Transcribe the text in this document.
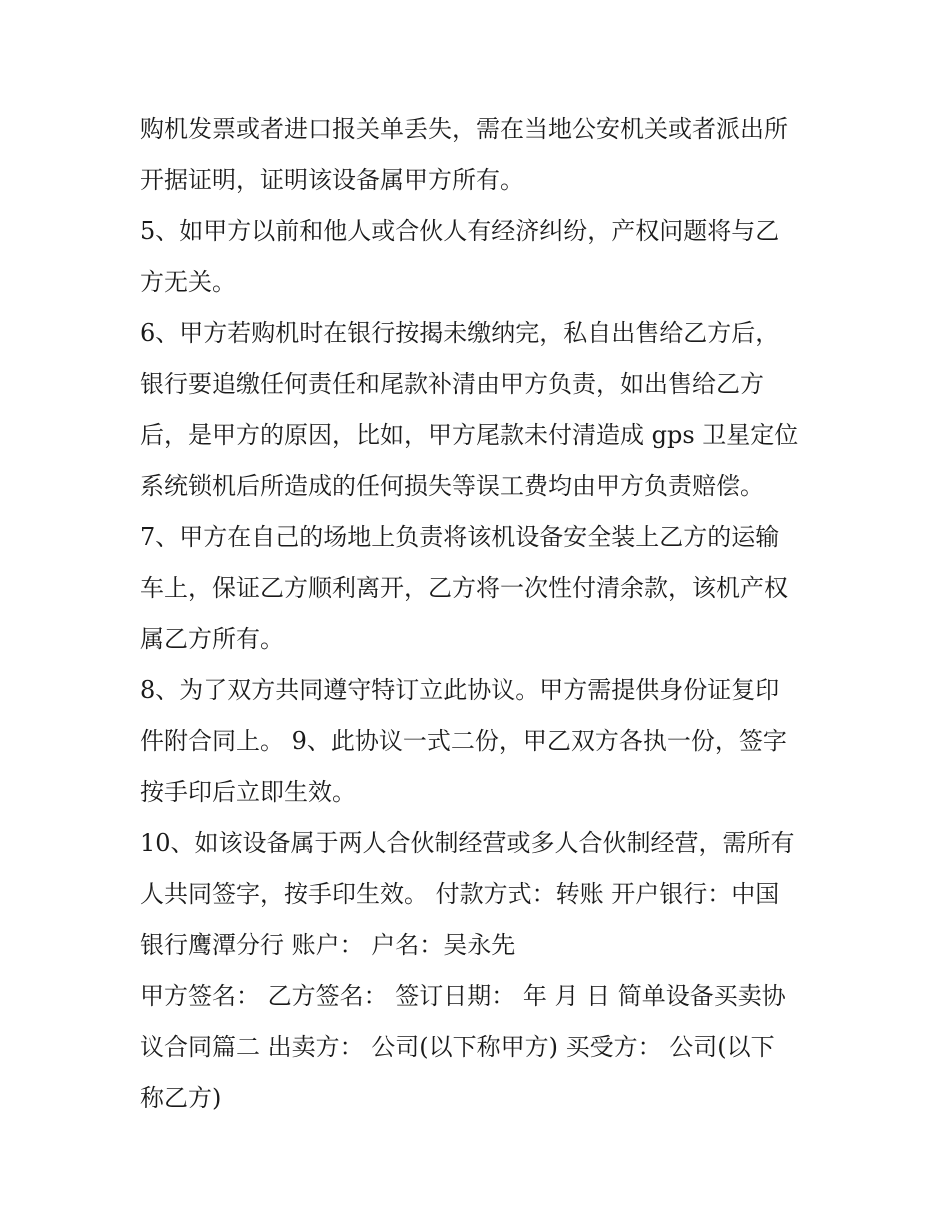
购机发票或者进口报关单丢失，需在当地公安机关或者派出所
开据证明，证明该设备属甲方所有。
5、如甲方以前和他人或合伙人有经济纠纷，产权问题将与乙
方无关。
6、甲方若购机时在银行按揭未缴纳完，私自出售给乙方后，
银行要追缴任何责任和尾款补清由甲方负责，如出售给乙方
后，是甲方的原因，比如，甲方尾款未付清造成 gps 卫星定位
系统锁机后所造成的任何损失等误工费均由甲方负责赔偿。
7、甲方在自己的场地上负责将该机设备安全装上乙方的运输
车上，保证乙方顺利离开，乙方将一次性付清余款，该机产权
属乙方所有。
8、为了双方共同遵守特订立此协议。甲方需提供身份证复印
件附合同上。 9、此协议一式二份，甲乙双方各执一份，签字
按手印后立即生效。
10、如该设备属于两人合伙制经营或多人合伙制经营，需所有
人共同签字，按手印生效。 付款方式：转账 开户银行：中国
银行鹰潭分行 账户： 户名：吴永先
甲方签名： 乙方签名： 签订日期： 年 月 日 简单设备买卖协
议合同篇二 出卖方： 公司(以下称甲方) 买受方： 公司(以下
称乙方)
